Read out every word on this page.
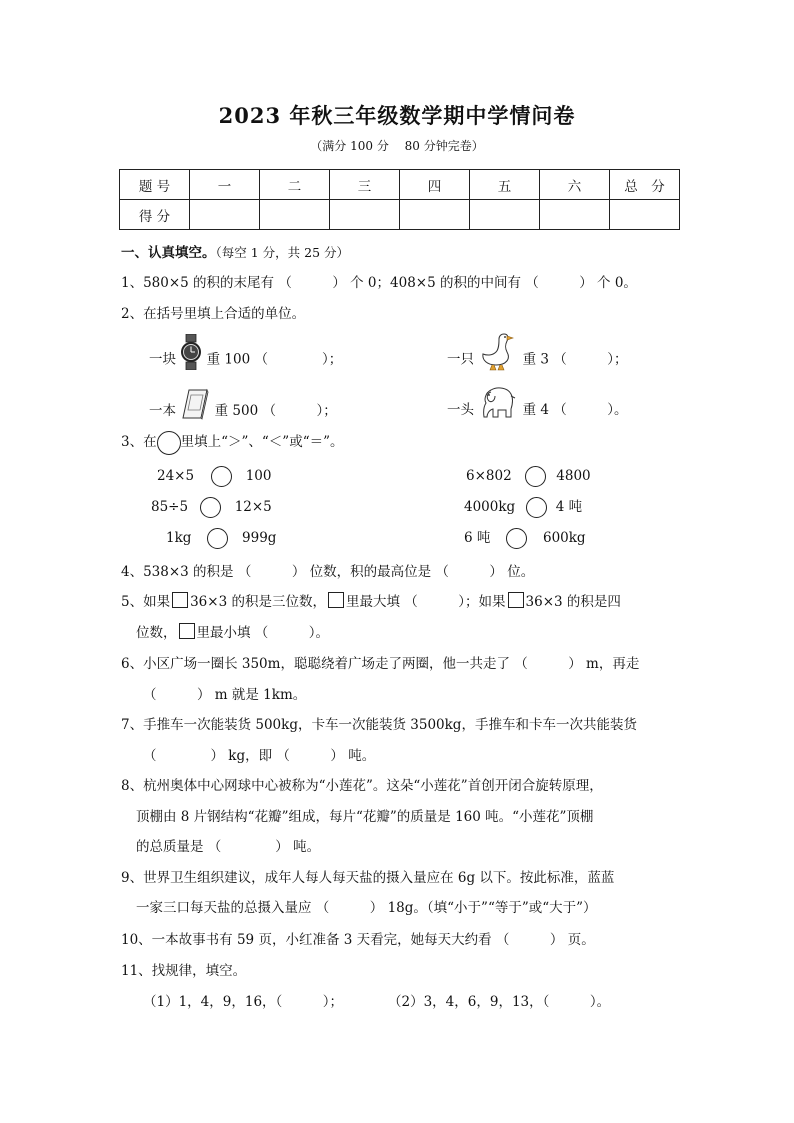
2023 年秋三年级数学期中学情问卷
（满分 100 分　 80 分钟完卷）
题 号	一	二	三	四	五	六	总　分
得 分							
一、认真填空。（每空 1 分，共 25 分）
1、580×5 的积的末尾有 （　　　） 个 0；408×5 的积的中间有 （　　　） 个 0。
2、在括号里填上合适的单位。
一块 重 100 （　　　　）；	一只	重 3 （　　　）；
一本	重 500 （　　　）；	一头	重 4 （　　　）。
3、在 里填上“＞”、“＜”或“＝”。
24×5	100	6×802	4800
85÷5	12×5	4000kg	4 吨
1kg	999g	6 吨	600kg
4、538×3 的积是 （　　　） 位数，积的最高位是 （　　　） 位。
5、如果 36×3 的积是三位数， 里最大填 （　　　）；如果 36×3 的积是四
位数， 里最小填 （　　　）。
6、小区广场一圈长 350m，聪聪绕着广场走了两圈，他一共走了 （　　　） m，再走
（　　　） m 就是 1km。
7、手推车一次能装货 500kg，卡车一次能装货 3500kg，手推车和卡车一次共能装货
（　　　　） kg，即 （　　　） 吨。
8、杭州奥体中心网球中心被称为“小莲花”。这朵“小莲花”首创开闭合旋转原理，
顶棚由 8 片钢结构“花瓣”组成，每片“花瓣”的质量是 160 吨。“小莲花”顶棚
的总质量是 （　　　　） 吨。
9、世界卫生组织建议，成年人每人每天盐的摄入量应在 6g 以下。按此标准，蓝蓝
一家三口每天盐的总摄入量应 （　　　） 18g。（填“小于”“等于”或“大于”）
10、一本故事书有 59 页，小红准备 3 天看完，她每天大约看 （　　　） 页。
11、找规律，填空。
（1）1，4，9，16，（　　　）；	（2）3，4，6，9，13，（　　　）。
